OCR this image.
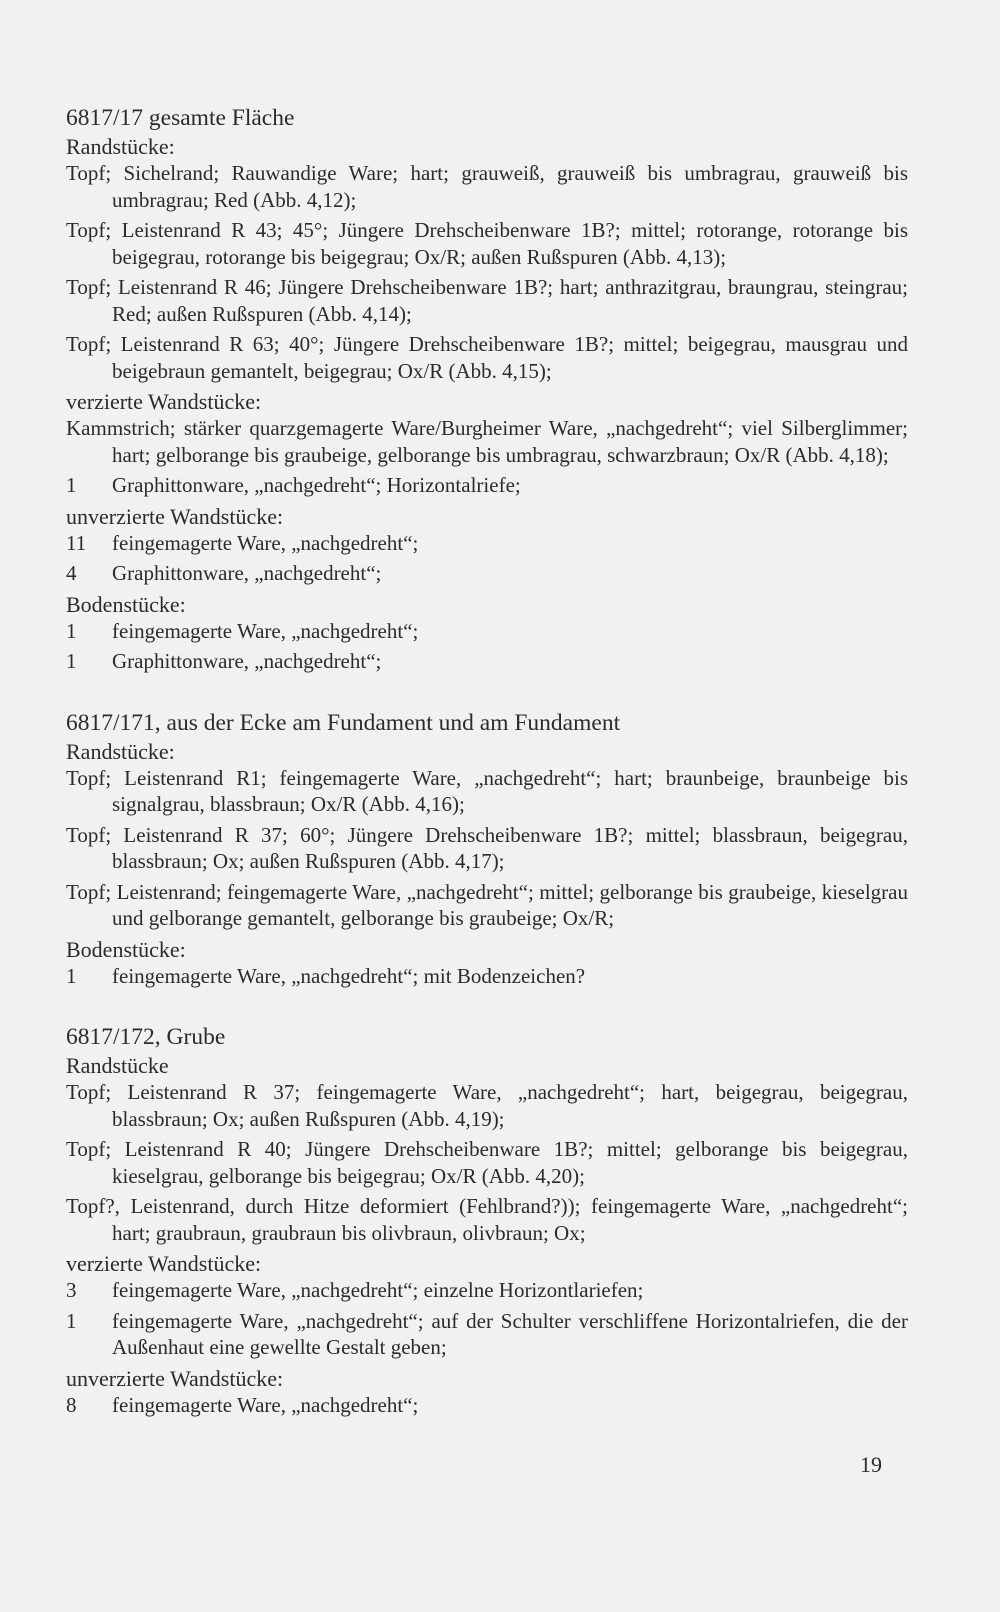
6817/17 gesamte Fläche
Randstücke:
Topf; Sichelrand; Rauwandige Ware; hart; grauweiß, grauweiß bis umbragrau, grauweiß bis umbragrau; Red (Abb. 4,12);
Topf; Leistenrand R 43; 45°; Jüngere Drehscheibenware 1B?; mittel; rotorange, rotorange bis beigegrau, rotorange bis beigegrau; Ox/R; außen Rußspuren (Abb. 4,13);
Topf; Leistenrand R 46; Jüngere Drehscheibenware 1B?; hart; anthrazitgrau, braungrau, steingrau; Red; außen Rußspuren (Abb. 4,14);
Topf; Leistenrand R 63; 40°; Jüngere Drehscheibenware 1B?; mittel; beigegrau, mausgrau und beigebraun gemantelt, beigegrau; Ox/R (Abb. 4,15);
verzierte Wandstücke:
Kammstrich; stärker quarzgemagerte Ware/Burgheimer Ware, „nachgedreht“; viel Silberglimmer; hart; gelborange bis graubeige, gelborange bis umbragrau, schwarzbraun; Ox/R (Abb. 4,18);
1	Graphittonware, „nachgedreht“; Horizontalriefe;
unverzierte Wandstücke:
11	feingemagerte Ware, „nachgedreht“;
4	Graphittonware, „nachgedreht“;
Bodenstücke:
1	feingemagerte Ware, „nachgedreht“;
1	Graphittonware, „nachgedreht“;
6817/171, aus der Ecke am Fundament und am Fundament
Randstücke:
Topf; Leistenrand R1; feingemagerte Ware, „nachgedreht“; hart; braunbeige, braunbeige bis signalgrau, blassbraun; Ox/R (Abb. 4,16);
Topf; Leistenrand R 37; 60°; Jüngere Drehscheibenware 1B?; mittel; blassbraun, beigegrau, blassbraun; Ox; außen Rußspuren (Abb. 4,17);
Topf; Leistenrand; feingemagerte Ware, „nachgedreht“; mittel; gelborange bis graubeige, kieselgrau und gelborange gemantelt, gelborange bis graubeige; Ox/R;
Bodenstücke:
1	feingemagerte Ware, „nachgedreht“; mit Bodenzeichen?
6817/172, Grube
Randstücke
Topf; Leistenrand R 37; feingemagerte Ware, „nachgedreht“; hart, beigegrau, beigegrau, blassbraun; Ox; außen Rußspuren (Abb. 4,19);
Topf; Leistenrand R 40; Jüngere Drehscheibenware 1B?; mittel; gelborange bis beigegrau, kieselgrau, gelborange bis beigegrau; Ox/R (Abb. 4,20);
Topf?, Leistenrand, durch Hitze deformiert (Fehlbrand?)); feingemagerte Ware, „nachgedreht“; hart; graubraun, graubraun bis olivbraun, olivbraun; Ox;
verzierte Wandstücke:
3	feingemagerte Ware, „nachgedreht“; einzelne Horizontlariefen;
1	feingemagerte Ware, „nachgedreht“; auf der Schulter verschliffene Horizontalriefen, die der Außenhaut eine gewellte Gestalt geben;
unverzierte Wandstücke:
8	feingemagerte Ware, „nachgedreht“;
19
